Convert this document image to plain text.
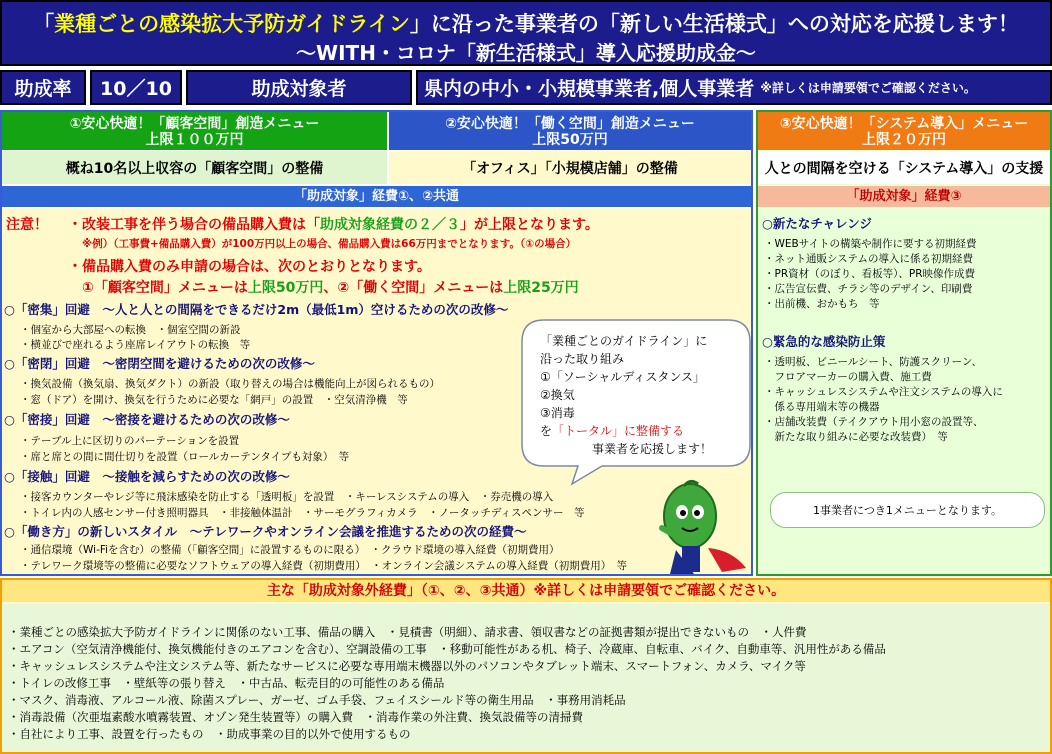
「業種ごとの感染拡大予防ガイドライン」に沿った事業者の「新しい生活様式」への対応を応援します！
～WITH・コロナ「新生活様式」導入応援助成金～
助成率	10／10	助成対象者	県内の中小・小規模事業者,個人事業者 ※詳しくは申請要領でご確認ください。
①安心快適！「顧客空間」創造メニュー
上限１００万円
②安心快適！「働く空間」創造メニュー
上限50万円
③安心快適！「システム導入」メニュー
上限２０万円
概ね10名以上収容の「顧客空間」の整備	「オフィス」「小規模店舗」の整備	人との間隔を空ける「システム導入」の支援
「助成対象」経費①、②共通	「助成対象」経費③
注意！ ・改装工事を伴う場合の備品購入費は「助成対象経費の２／３」が上限となります。
※例）（工事費+備品購入費）が100万円以上の場合、備品購入費は66万円までとなります。（①の場合）
・備品購入費のみ申請の場合は、次のとおりとなります。
①「顧客空間」メニューは上限50万円、②「働く空間」メニューは上限25万円
○「密集」回避　～人と人との間隔をできるだけ2m（最低1m）空けるための次の改修～
・個室から大部屋への転換　・個室空間の新設
・横並びで座れるよう座席レイアウトの転換　等
○「密閉」回避　～密閉空間を避けるための次の改修～
・換気設備（換気扇、換気ダクト）の新設（取り替えの場合は機能向上が図られるもの）
・窓（ドア）を開け、換気を行うために必要な「網戸」の設置　・空気清浄機　等
○「密接」回避　～密接を避けるための次の改修～
・テーブル上に区切りのパーテーションを設置
・席と席との間に間仕切りを設置（ロールカーテンタイプも対象）　等
○「接触」回避　～接触を減らすための次の改修～
・接客カウンターやレジ等に飛沫感染を防止する「透明板」を設置　・キーレスシステムの導入　・券売機の導入
・トイレ内の人感センサー付き照明器具　・非接触体温計　・サーモグラフィカメラ　・ノータッチディスペンサー　等
○「働き方」の新しいスタイル　～テレワークやオンライン会議を推進するための次の経費～
・通信環境（Wi-Fiを含む）の整備（「顧客空間」に設置するものに限る）　・クラウド環境の導入経費（初期費用）
・テレワーク環境等の整備に必要なソフトウェアの導入経費（初期費用）　・オンライン会議システムの導入経費（初期費用）　等
「業種ごとのガイドライン」に
沿った取り組み
①「ソーシャルディスタンス」
②換気
③消毒
を「トータル」に整備する
事業者を応援します！
○新たなチャレンジ
・WEBサイトの構築や制作に要する初期経費
・ネット通販システムの導入に係る初期経費
・PR資材（のぼり、看板等）、PR映像作成費
・広告宣伝費、チラシ等のデザイン、印刷費
・出前機、おかもち　等
○緊急的な感染防止策
・透明板、ビニールシート、防護スクリーン、
　フロアマーカーの購入費、施工費
・キャッシュレスシステムや注文システムの導入に
　係る専用端末等の機器
・店舗改装費（テイクアウト用小窓の設置等、
　新たな取り組みに必要な改装費）　等
1事業者につき1メニューとなります。
主な「助成対象外経費」（①、②、③共通）※詳しくは申請要領でご確認ください。
・業種ごとの感染拡大予防ガイドラインに関係のない工事、備品の購入　・見積書（明細）、請求書、領収書などの証拠書類が提出できないもの　・人件費
・エアコン（空気清浄機能付、換気機能付きのエアコンを含む）、空調設備の工事　・移動可能性がある机、椅子、冷蔵庫、自転車、バイク、自動車等、汎用性がある備品
・キャッシュレスシステムや注文システム等、新たなサービスに必要な専用端末機器以外のパソコンやタブレット端末、スマートフォン、カメラ、マイク等
・トイレの改修工事　・壁紙等の張り替え　・中古品、転売目的の可能性のある備品
・マスク、消毒液、アルコール液、除菌スプレー、ガーゼ、ゴム手袋、フェイスシールド等の衛生用品　・事務用消耗品
・消毒設備（次亜塩素酸水噴霧装置、オゾン発生装置等）の購入費　・消毒作業の外注費、換気設備等の清掃費
・自社により工事、設置を行ったもの　・助成事業の目的以外で使用するもの
